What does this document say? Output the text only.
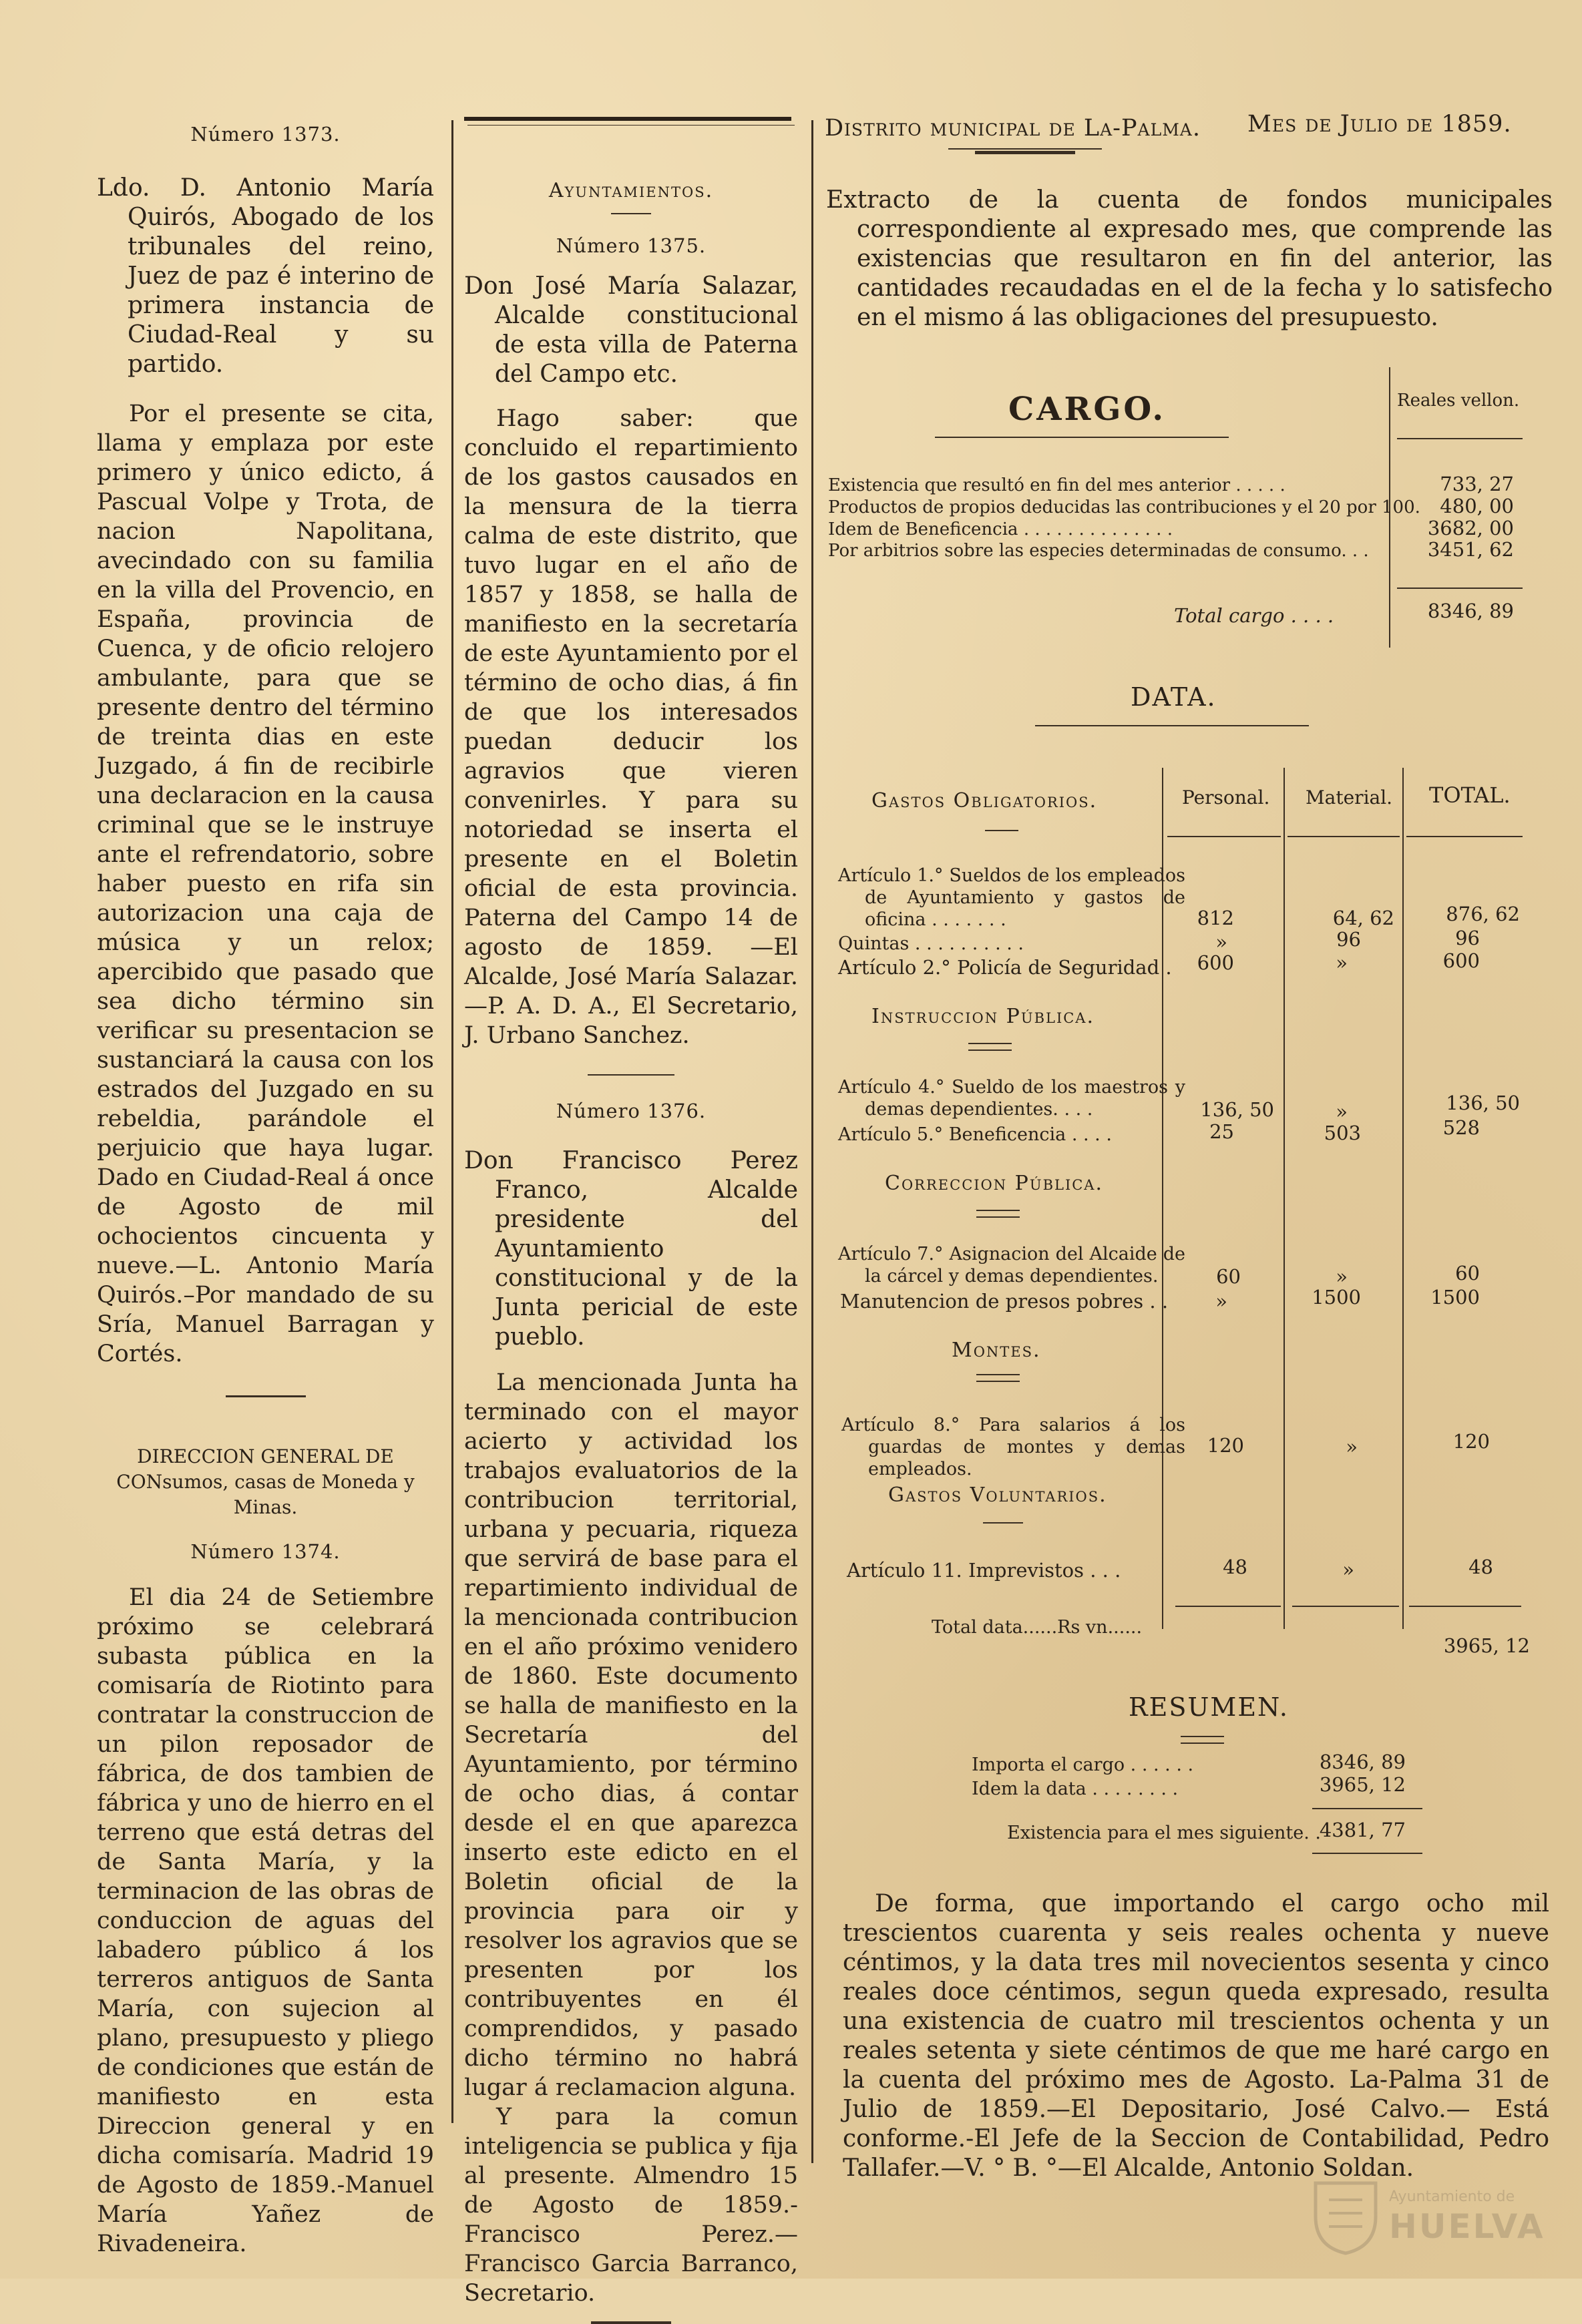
Número 1373.
Ldo. D. Antonio María Quirós, Abogado de los tribunales del reino, Juez de paz é interino de primera instancia de Ciudad-Real y su partido.
Por el presente se cita, llama y emplaza por este primero y único edicto, á Pascual Volpe y Trota, de nacion Napolitana, avecindado con su familia en la villa del Provencio, en España, provincia de Cuenca, y de oficio relojero ambulante, para que se presente dentro del término de treinta dias en este Juzgado, á fin de recibirle una declaracion en la causa criminal que se le instruye ante el refrendatorio, sobre haber puesto en rifa sin autorizacion una caja de música y un relox; apercibido que pasado que sea dicho término sin verificar su presentacion se sustanciará la causa con los estrados del Juzgado en su rebeldia, parándole el perjuicio que haya lugar. Dado en Ciudad-Real á once de Agosto de mil ochocientos cincuenta y nueve.—L. Antonio María Quirós.–Por mandado de su Sría, Manuel Barragan y Cortés.
DIRECCION GENERAL DE CONsumos, casas de Moneda y Minas.
Número 1374.
El dia 24 de Setiembre próximo se celebrará subasta pública en la comisaría de Riotinto para contratar la construccion de un pilon reposador de fábrica, de dos tambien de fábrica y uno de hierro en el terreno que está detras del de Santa María, y la terminacion de las obras de conduccion de aguas del labadero público á los terreros antiguos de Santa María, con sujecion al plano, presupuesto y pliego de condiciones que están de manifiesto en esta Direccion general y en dicha comisaría. Madrid 19 de Agosto de 1859.-Manuel María Yañez de Rivadeneira.
Ayuntamientos.
Número 1375.
Don José María Salazar, Alcalde constitucional de esta villa de Paterna del Campo etc.
Hago saber: que concluido el repartimiento de los gastos causados en la mensura de la tierra calma de este distrito, que tuvo lugar en el año de 1857 y 1858, se halla de manifiesto en la secretaría de este Ayuntamiento por el término de ocho dias, á fin de que los interesados puedan deducir los agravios que vieren convenirles. Y para su notoriedad se inserta el presente en el Boletin oficial de esta provincia. Paterna del Campo 14 de agosto de 1859. —El Alcalde, José María Salazar.—P. A. D. A., El Secretario, J. Urbano Sanchez.
Número 1376.
Don Francisco Perez Franco, Alcalde presidente del Ayuntamiento constitucional y de la Junta pericial de este pueblo.
La mencionada Junta ha terminado con el mayor acierto y actividad los trabajos evaluatorios de la contribucion territorial, urbana y pecuaria, riqueza que servirá de base para el repartimiento individual de la mencionada contribucion en el año próximo venidero de 1860. Este documento se halla de manifiesto en la Secretaría del Ayuntamiento, por término de ocho dias, á contar desde el en que aparezca inserto este edicto en el Boletin oficial de la provincia para oir y resolver los agravios que se presenten por los contribuyentes en él comprendidos, y pasado dicho término no habrá lugar á reclamacion alguna.
Y para la comun inteligencia se publica y fija al presente. Almendro 15 de Agosto de 1859.-Francisco Perez.— Francisco Garcia Barranco, Secretario.
Distrito municipal de La-Palma. Mes de Julio de 1859.
Extracto de la cuenta de fondos municipales correspondiente al expresado mes, que comprende las existencias que resultaron en fin del anterior, las cantidades recaudadas en el de la fecha y lo satisfecho en el mismo á las obligaciones del presupuesto.
CARGO.	Reales vellon.
Existencia que resultó en fin del mes anterior . . . . .	733, 27
Productos de propios deducidas las contribuciones y el 20 por 100.	480, 00
Idem de Beneficencia . . . . . . . . . . . . . .	3682, 00
Por arbitrios sobre las especies determinadas de consumo. . .	3451, 62
Total cargo . . . .	8346, 89
DATA.
Personal. Material. TOTAL.
Gastos Obligatorios.
Artículo 1.° Sueldos de los empleados de Ayuntamiento y gastos de oficina . . . . . . .	812	64, 62	876, 62
Quintas . . . . . . . . . .	»	96	96
Artículo 2.° Policía de Seguridad .	600	»	600
Instruccion Pública.
Artículo 4.° Sueldo de los maestros y demas dependientes. . . .	136, 50	»	136, 50
Artículo 5.° Beneficencia . . . .	25	503	528
Correccion Pública.
Artículo 7.° Asignacion del Alcaide de la cárcel y demas dependientes.	60	»	60
Manutencion de presos pobres . .	»	1500	1500
Montes.
Artículo 8.° Para salarios á los guardas de montes y demas empleados.
120	»	120
Gastos Voluntarios.
Artículo 11. Imprevistos . . .	48	»	48
Total data......Rs vn......
3965, 12
RESUMEN.
Importa el cargo . . . . . .	8346, 89
Idem la data . . . . . . . .	3965, 12
Existencia para el mes siguiente. .
4381, 77
De forma, que importando el cargo ocho mil trescientos cuarenta y seis reales ochenta y nueve céntimos, y la data tres mil novecientos sesenta y cinco reales doce céntimos, segun queda expresado, resulta una existencia de cuatro mil trescientos ochenta y un reales setenta y siete céntimos de que me haré cargo en la cuenta del próximo mes de Agosto. La-Palma 31 de Julio de 1859.—El Depositario, José Calvo.— Está conforme.-El Jefe de la Seccion de Contabilidad, Pedro Tallafer.—V. ° B. °—El Alcalde, Antonio Soldan.
Ayuntamiento de
HUELVA
